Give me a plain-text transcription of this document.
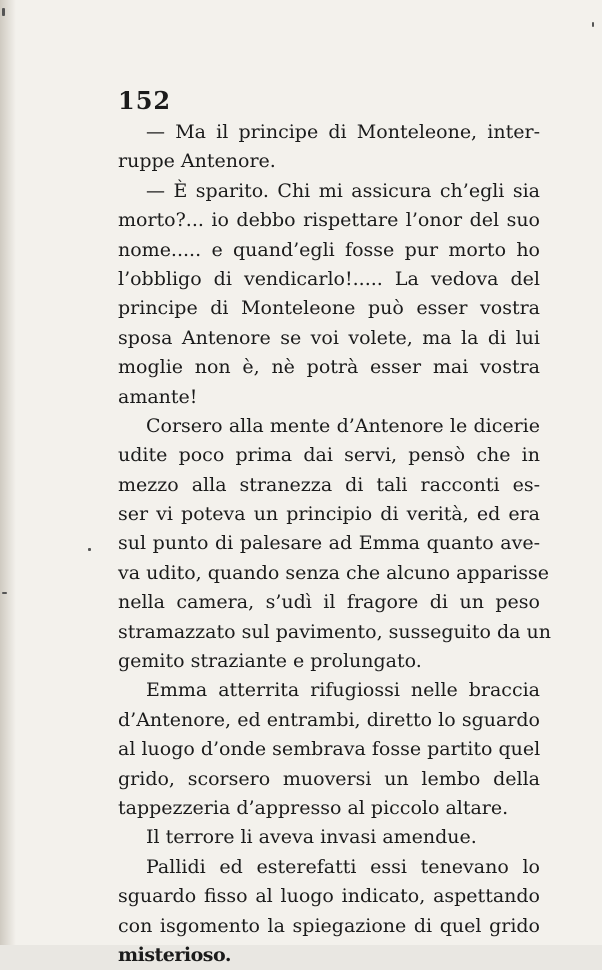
152
— Ma il principe di Monteleone, inter-
ruppe Antenore.
— È sparito. Chi mi assicura ch’egli sia
morto?... io debbo rispettare l’onor del suo
nome..... e quand’egli fosse pur morto ho
l’obbligo di vendicarlo!..... La vedova del
principe di Monteleone può esser vostra
sposa Antenore se voi volete, ma la di lui
moglie non è, nè potrà esser mai vostra
amante!
Corsero alla mente d’Antenore le dicerie
udite poco prima dai servi, pensò che in
mezzo alla stranezza di tali racconti es-
ser vi poteva un principio di verità, ed era
sul punto di palesare ad Emma quanto ave-
va udito, quando senza che alcuno apparisse
nella camera, s’udì il fragore di un peso
stramazzato sul pavimento, susseguito da un
gemito straziante e prolungato.
Emma atterrita rifugiossi nelle braccia
d’Antenore, ed entrambi, diretto lo sguardo
al luogo d’onde sembrava fosse partito quel
grido, scorsero muoversi un lembo della
tappezzeria d’appresso al piccolo altare.
Il terrore li aveva invasi amendue.
Pallidi ed esterefatti essi tenevano lo
sguardo fisso al luogo indicato, aspettando
con isgomento la spiegazione di quel grido
misterioso.
